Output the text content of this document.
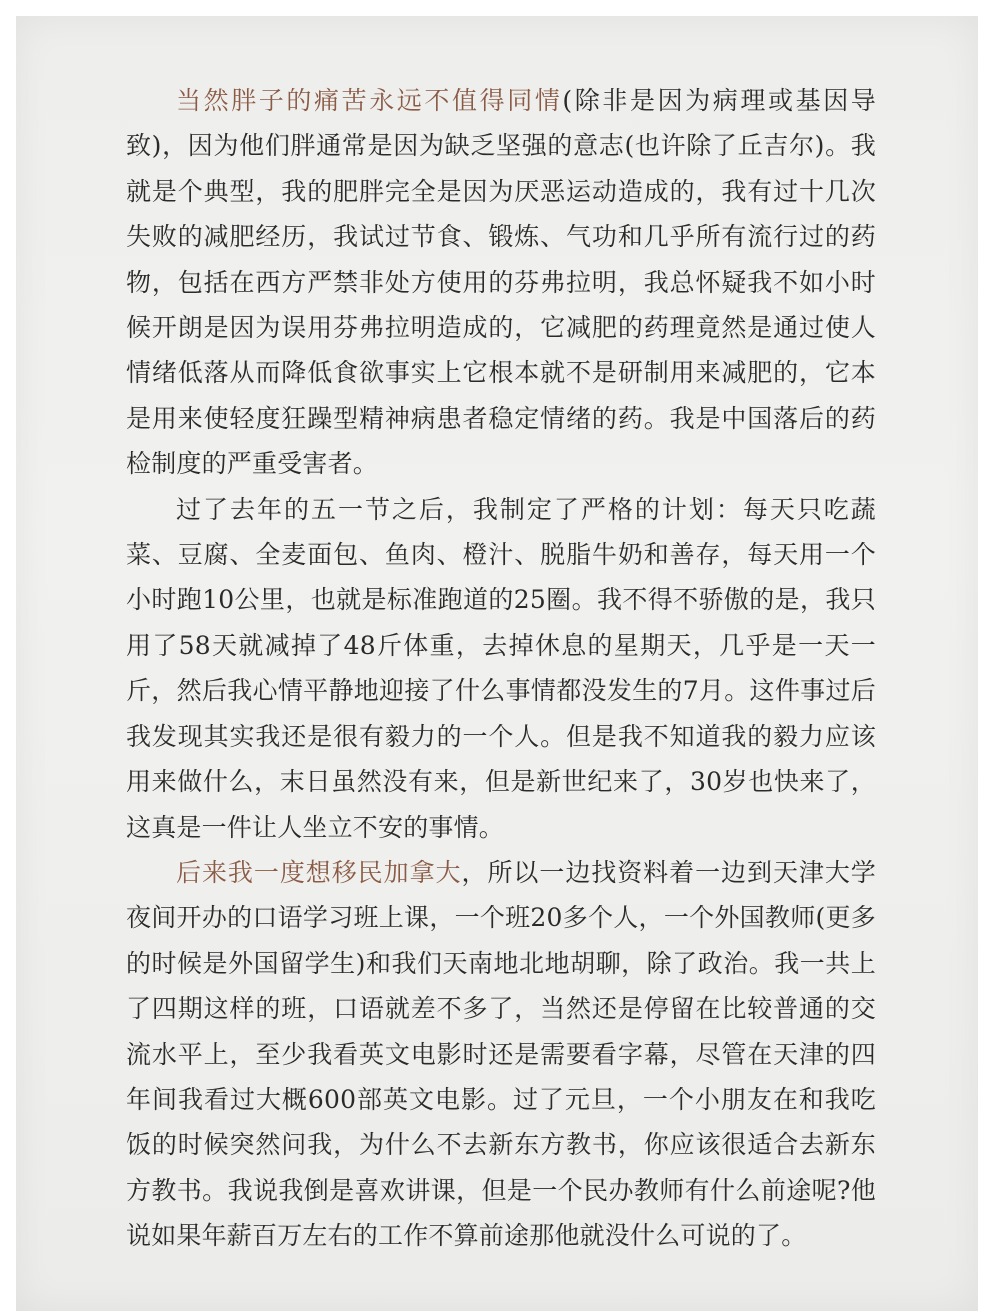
当然胖子的痛苦永远不值得同情(除非是因为病理或基因导致)，因为他们胖通常是因为缺乏坚强的意志(也许除了丘吉尔)。我就是个典型，我的肥胖完全是因为厌恶运动造成的，我有过十几次失败的减肥经历，我试过节食、锻炼、气功和几乎所有流行过的药物，包括在西方严禁非处方使用的芬弗拉明，我总怀疑我不如小时候开朗是因为误用芬弗拉明造成的，它减肥的药理竟然是通过使人情绪低落从而降低食欲事实上它根本就不是研制用来减肥的，它本是用来使轻度狂躁型精神病患者稳定情绪的药。我是中国落后的药检制度的严重受害者。

过了去年的五一节之后，我制定了严格的计划：每天只吃蔬菜、豆腐、全麦面包、鱼肉、橙汁、脱脂牛奶和善存，每天用一个小时跑10公里，也就是标准跑道的25圈。我不得不骄傲的是，我只用了58天就减掉了48斤体重，去掉休息的星期天，几乎是一天一斤，然后我心情平静地迎接了什么事情都没发生的7月。这件事过后我发现其实我还是很有毅力的一个人。但是我不知道我的毅力应该用来做什么，末日虽然没有来，但是新世纪来了，30岁也快来了，这真是一件让人坐立不安的事情。

后来我一度想移民加拿大，所以一边找资料着一边到天津大学夜间开办的口语学习班上课，一个班20多个人，一个外国教师(更多的时候是外国留学生)和我们天南地北地胡聊，除了政治。我一共上了四期这样的班，口语就差不多了，当然还是停留在比较普通的交流水平上，至少我看英文电影时还是需要看字幕，尽管在天津的四年间我看过大概600部英文电影。过了元旦，一个小朋友在和我吃饭的时候突然问我，为什么不去新东方教书，你应该很适合去新东方教书。我说我倒是喜欢讲课，但是一个民办教师有什么前途呢?他说如果年薪百万左右的工作不算前途那他就没什么可说的了。
